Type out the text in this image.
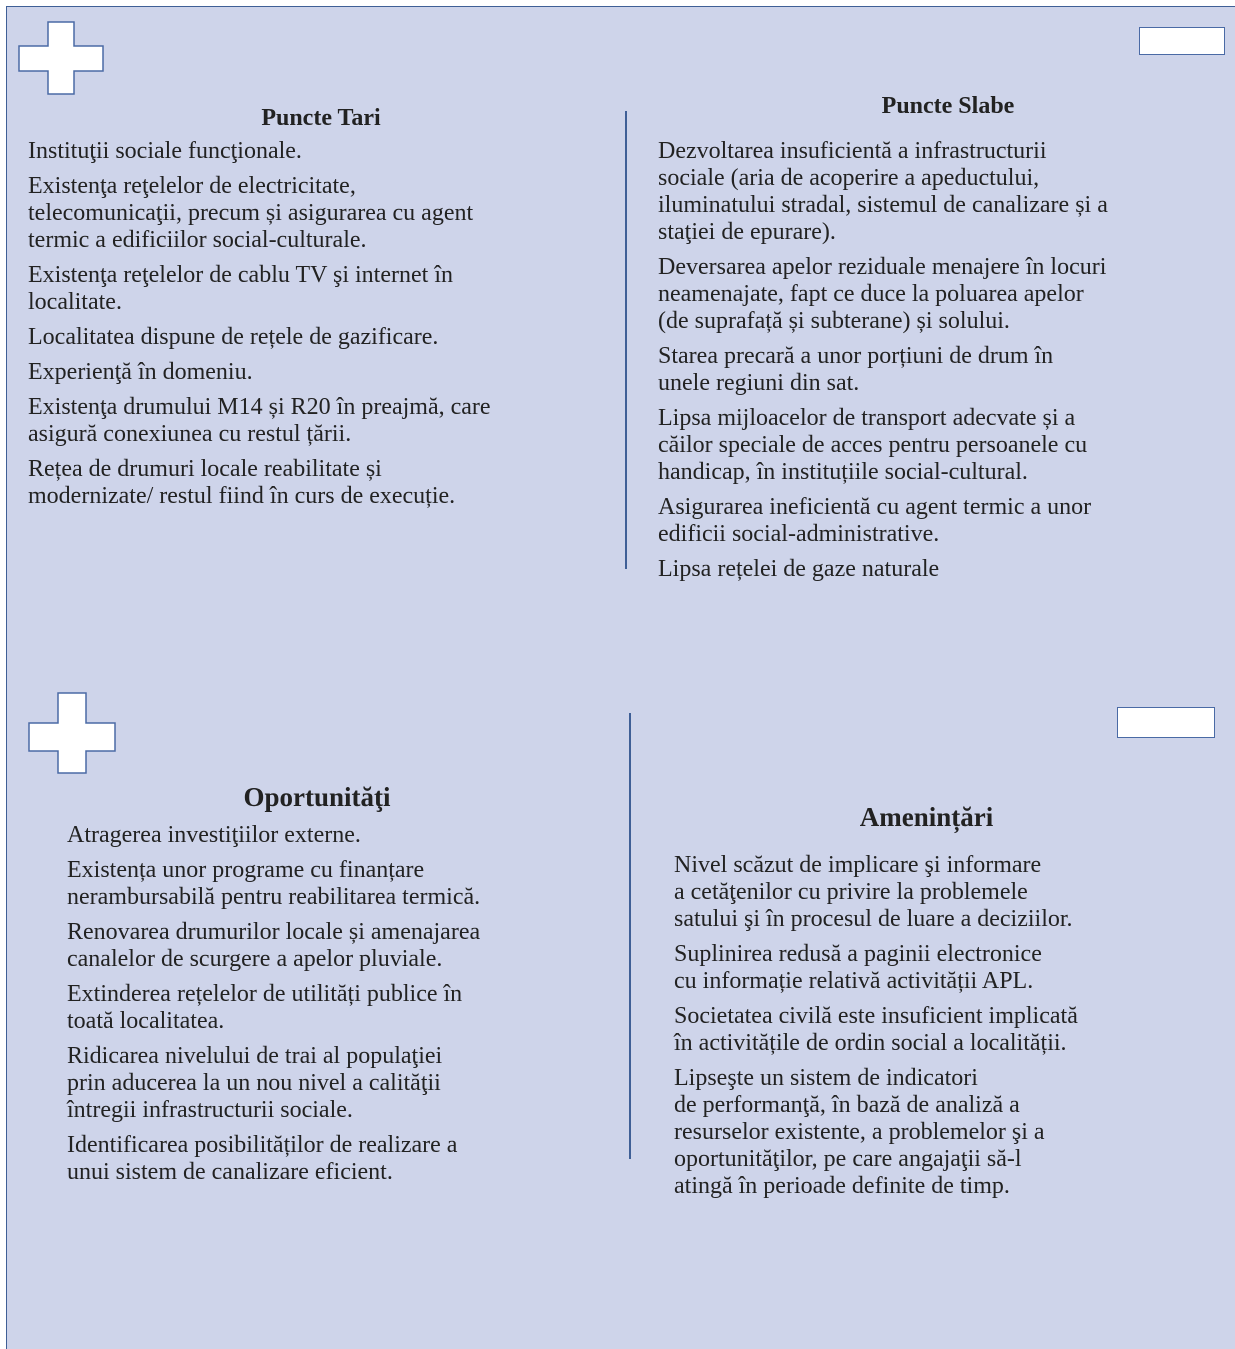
Puncte Tari
Instituţii sociale funcţionale.
Existenţa reţelelor de electricitate,
telecomunicaţii, precum și asigurarea cu agent
termic a edificiilor social-culturale.
Existenţa reţelelor de cablu TV şi internet în
localitate.
Localitatea dispune de rețele de gazificare.
Experienţă în domeniu.
Existenţa drumului M14 și R20 în preajmă, care
asigură conexiunea cu restul țării.
Rețea de drumuri locale reabilitate și
modernizate/ restul fiind în curs de execuție.
Puncte Slabe
Dezvoltarea insuficientă a infrastructurii
sociale (aria de acoperire a apeductului,
iluminatului stradal, sistemul de canalizare și a
staţiei de epurare).
Deversarea apelor reziduale menajere în locuri
neamenajate, fapt ce duce la poluarea apelor
(de suprafață și subterane) și solului.
Starea precară a unor porțiuni de drum în
unele regiuni din sat.
Lipsa mijloacelor de transport adecvate și a
căilor speciale de acces pentru persoanele cu
handicap, în instituțiile social-cultural.
Asigurarea ineficientă cu agent termic a unor
edificii social-administrative.
Lipsa rețelei de gaze naturale
Oportunităţi
Atragerea investiţiilor externe.
Existența unor programe cu finanțare
nerambursabilă pentru reabilitarea termică.
Renovarea drumurilor locale și amenajarea
canalelor de scurgere a apelor pluviale.
Extinderea rețelelor de utilități publice în
toată localitatea.
Ridicarea nivelului de trai al populaţiei
prin aducerea la un nou nivel a calităţii
întregii infrastructurii sociale.
Identificarea posibilităților de realizare a
unui sistem de canalizare eficient.
Amenințări
Nivel scăzut de implicare şi informare
a cetăţenilor cu privire la problemele
satului şi în procesul de luare a deciziilor.
Suplinirea redusă a paginii electronice
cu informație relativă activității APL.
Societatea civilă este insuficient implicată
în activitățile de ordin social a localității.
Lipseşte un sistem de indicatori
de performanţă, în bază de analiză a
resurselor existente, a problemelor şi a
oportunităţilor, pe care angajaţii să-l
atingă în perioade definite de timp.
